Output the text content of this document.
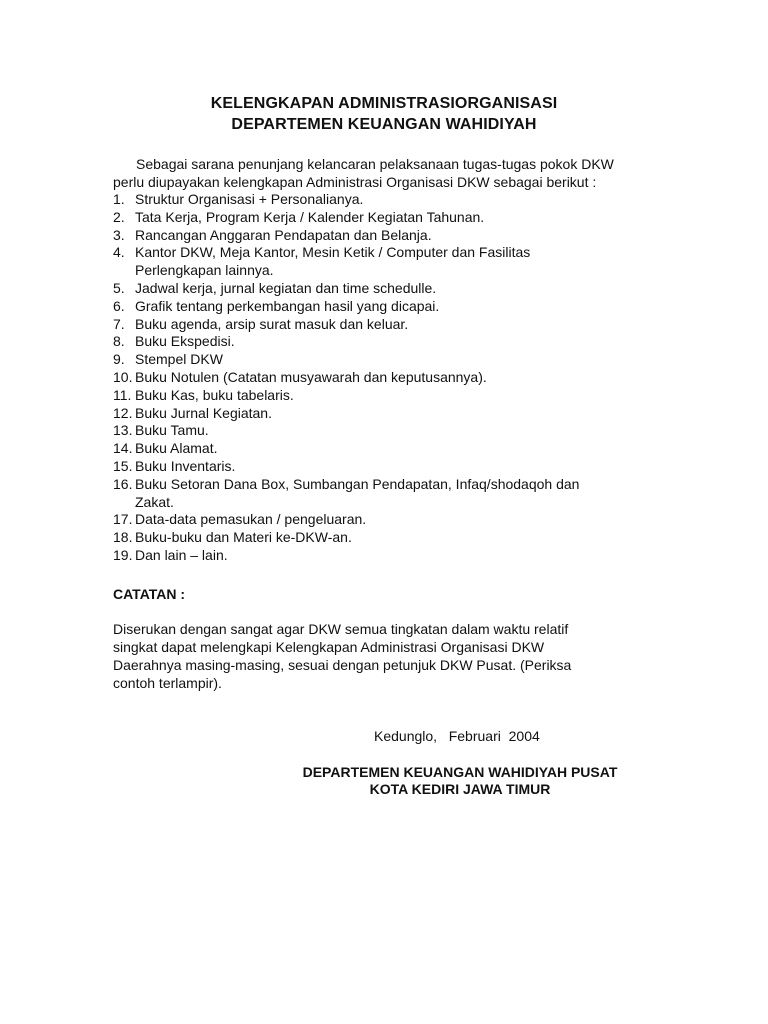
KELENGKAPAN ADMINISTRASIORGANISASI
DEPARTEMEN KEUANGAN WAHIDIYAH
Sebagai sarana penunjang kelancaran pelaksanaan tugas-tugas pokok DKW
perlu diupayakan kelengkapan Administrasi Organisasi DKW sebagai berikut :
1. Struktur Organisasi + Personalianya.
2. Tata Kerja, Program Kerja / Kalender Kegiatan Tahunan.
3. Rancangan Anggaran Pendapatan dan Belanja.
4. Kantor DKW, Meja Kantor, Mesin Ketik / Computer dan Fasilitas
Perlengkapan lainnya.
5. Jadwal kerja, jurnal kegiatan dan time schedulle.
6. Grafik tentang perkembangan hasil yang dicapai.
7. Buku agenda, arsip surat masuk dan keluar.
8. Buku Ekspedisi.
9. Stempel DKW
10. Buku Notulen (Catatan musyawarah dan keputusannya).
11. Buku Kas, buku tabelaris.
12. Buku Jurnal Kegiatan.
13. Buku Tamu.
14. Buku Alamat.
15. Buku Inventaris.
16. Buku Setoran Dana Box, Sumbangan Pendapatan, Infaq/shodaqoh dan
Zakat.
17. Data-data pemasukan / pengeluaran.
18. Buku-buku dan Materi ke-DKW-an.
19. Dan lain – lain.
CATATAN :
Diserukan dengan sangat agar DKW semua tingkatan dalam waktu relatif
singkat dapat melengkapi Kelengkapan Administrasi Organisasi DKW
Daerahnya masing-masing, sesuai dengan petunjuk DKW Pusat. (Periksa
contoh terlampir).
Kedunglo,   Februari  2004
DEPARTEMEN KEUANGAN WAHIDIYAH PUSAT
KOTA KEDIRI JAWA TIMUR
